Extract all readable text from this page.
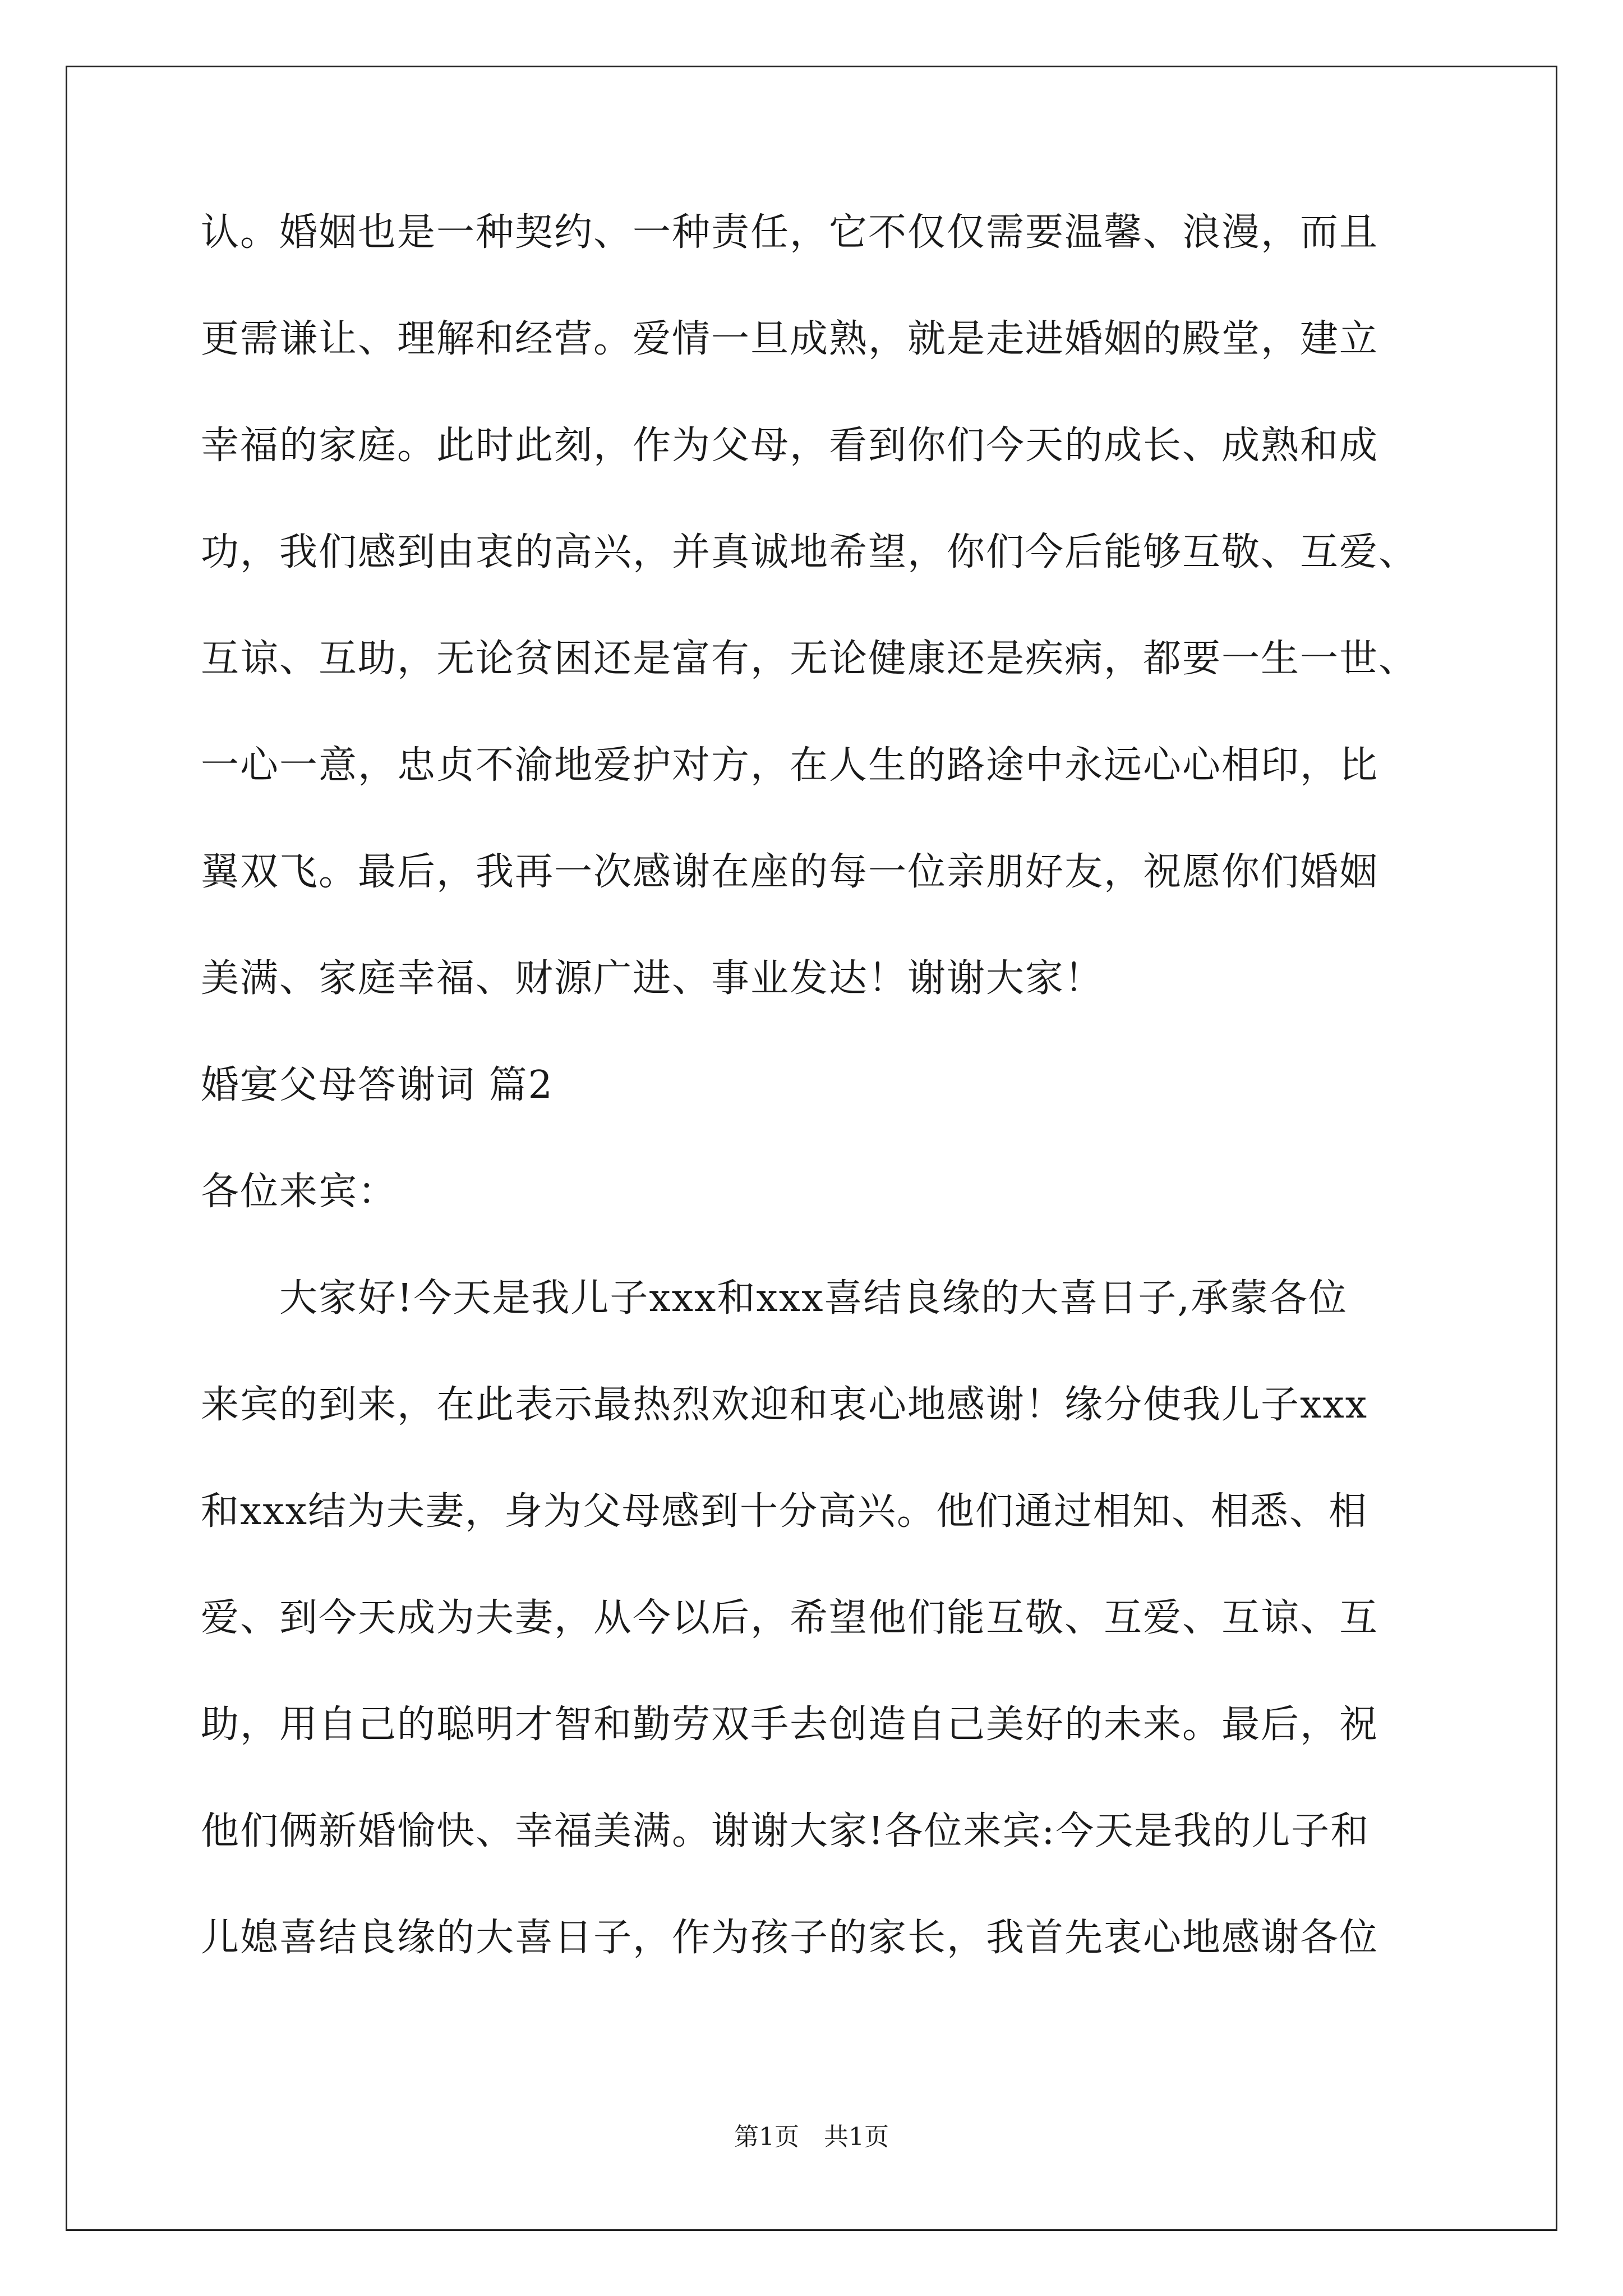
认。婚姻也是一种契约、一种责任，它不仅仅需要温馨、浪漫，而且
更需谦让、理解和经营。爱情一旦成熟，就是走进婚姻的殿堂，建立
幸福的家庭。此时此刻，作为父母，看到你们今天的成长、成熟和成
功，我们感到由衷的高兴，并真诚地希望，你们今后能够互敬、互爱、
互谅、互助，无论贫困还是富有，无论健康还是疾病，都要一生一世、
一心一意，忠贞不渝地爱护对方，在人生的路途中永远心心相印，比
翼双飞。最后，我再一次感谢在座的每一位亲朋好友，祝愿你们婚姻
美满、家庭幸福、财源广进、事业发达！谢谢大家！
婚宴父母答谢词 篇2
各位来宾：
　　大家好!今天是我儿子xxx和xxx喜结良缘的大喜日子,承蒙各位
来宾的到来，在此表示最热烈欢迎和衷心地感谢！缘分使我儿子xxx
和xxx结为夫妻，身为父母感到十分高兴。他们通过相知、相悉、相
爱、到今天成为夫妻，从今以后，希望他们能互敬、互爱、互谅、互
助，用自己的聪明才智和勤劳双手去创造自己美好的未来。最后，祝
他们俩新婚愉快、幸福美满。谢谢大家!各位来宾:今天是我的儿子和
儿媳喜结良缘的大喜日子，作为孩子的家长，我首先衷心地感谢各位
第1页　共1页
